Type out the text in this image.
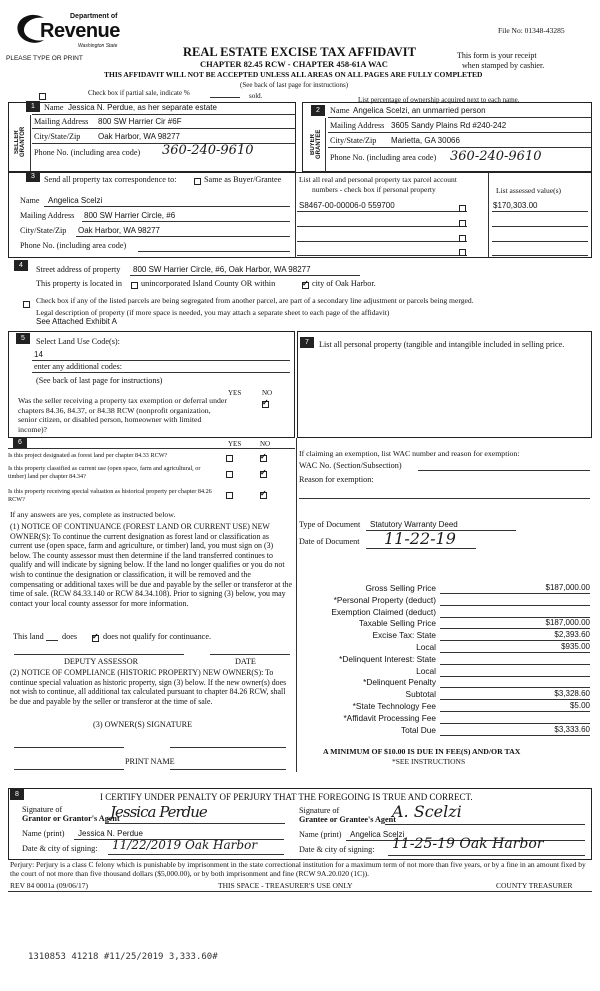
Department of
Revenue
Washington State
PLEASE TYPE OR PRINT	REAL ESTATE EXCISE TAX AFFIDAVIT
CHAPTER 82.45 RCW - CHAPTER 458-61A WAC
THIS AFFIDAVIT WILL NOT BE ACCEPTED UNLESS ALL AREAS ON ALL PAGES ARE FULLY COMPLETED
(See back of last page for instructions)
File No: 01348-43285
This form is your receipt
when stamped by cashier.
Check box if partial sale, indicate %	sold.	List percentage of ownership acquired next to each name.
1
SELLER GRANTOR
Name Jessica N. Perdue, as her separate estate
Mailing Address 800 SW Harrier Cir #6F
City/State/Zip Oak Harbor, WA 98277
Phone No. (including area code) 360-240-9610
2
BUYER GRANTEE
Name Angelica Scelzi, an unmarried person
Mailing Address 3605 Sandy Plains Rd #240-242
City/State/Zip Marietta, GA 30066
Phone No. (including area code) 360-240-9610
3	Send all property tax correspondence to:	Same as Buyer/Grantee
Name Angelica Scelzi
Mailing Address 800 SW Harrier Circle, #6
City/State/Zip Oak Harbor, WA 98277
Phone No. (including area code)
List all real and personal property tax parcel account
numbers - check box if personal property	List assessed value(s)
S8467-00-00006-0 559700	$170,303.00
4	Street address of property 800 SW Harrier Circle, #6, Oak Harbor, WA 98277
This property is located in unincorporated Island County OR within ✓	city of Oak Harbor.
Check box if any of the listed parcels are being segregated from another parcel, are part of a secondary line adjustment or parcels being merged.
Legal description of property (if more space is needed, you may attach a separate sheet to each page of the affidavit)
See Attached Exhibit A
5	Select Land Use Code(s):
14
enter any additional codes:
(See back of last page for instructions)
YES	NO
✓
Was the seller receiving a property tax exemption or deferral under chapters 84.36, 84.37, or 84.38 RCW (nonprofit organization, senior citizen, or disabled person, homeowner with limited income)?
7	List all personal property (tangible and intangible included in selling price.
6	YES	NO
Is this project designated as forest land per chapter 84.33 RCW?
✓
Is this property classified as current use (open space, farm and agricultural, or timber) land per chapter 84.34?
✓
Is this property receiving special valuation as historical property per chapter 84.26 RCW?
✓
If any answers are yes, complete as instructed below.
(1) NOTICE OF CONTINUANCE (FOREST LAND OR CURRENT USE) NEW OWNER(S): To continue the current designation as forest land or classification as current use (open space, farm and agriculture, or timber) land, you must sign on (3) below. The county assessor must then determine if the land transferred continues to qualify and will indicate by signing below. If the land no longer qualifies or you do not wish to continue the designation or classification, it will be removed and the compensating or additional taxes will be due and payable by the seller or transferor at the time of sale. (RCW 84.33.140 or RCW 84.34.108). Prior to signing (3) below, you may contact your local county assessor for more information.
This land does ✓	does not qualify for continuance.
DEPUTY ASSESSOR	DATE
(2) NOTICE OF COMPLIANCE (HISTORIC PROPERTY) NEW OWNER(S): To continue special valuation as historic property, sign (3) below. If the new owner(s) does not wish to continue, all additional tax calculated pursuant to chapter 84.26 RCW, shall be due and payable by the seller or transferor at the time of sale.
(3) OWNER(S) SIGNATURE
PRINT NAME
If claiming an exemption, list WAC number and reason for exemption:
WAC No. (Section/Subsection)
Reason for exemption:
Type of Document Statutory Warranty Deed
Date of Document 11-22-19
Gross Selling Price	$187,000.00
*Personal Property (deduct)
Exemption Claimed (deduct)
Taxable Selling Price	$187,000.00
Excise Tax: State	$2,393.60
Local	$935.00
*Delinquent Interest: State
Local
*Delinquent Penalty
Subtotal	$3,328.60
*State Technology Fee	$5.00
*Affidavit Processing Fee
Total Due	$3,333.60
A MINIMUM OF $10.00 IS DUE IN FEE(S) AND/OR TAX
*SEE INSTRUCTIONS
8	I CERTIFY UNDER PENALTY OF PERJURY THAT THE FOREGOING IS TRUE AND CORRECT.
Signature of
Grantor or Grantor's Agent
Jessica Perdue
Name (print) Jessica N. Perdue
Date & city of signing: 11/22/2019 Oak Harbor
Signature of
Grantee or Grantee's Agent
A. Scelzi
Name (print) Angelica Scelzi
Date & city of signing: 11-25-19 Oak Harbor
Perjury: Perjury is a class C felony which is punishable by imprisonment in the state correctional institution for a maximum term of not more than five years, or by a fine in an amount fixed by the court of not more than five thousand dollars ($5,000.00), or by both imprisonment and fine (RCW 9A.20.020 (1C)).
REV 84 0001a (09/06/17)	THIS SPACE - TREASURER'S USE ONLY	COUNTY TREASURER
1310853 41218 #11/25/2019 3,333.60#
